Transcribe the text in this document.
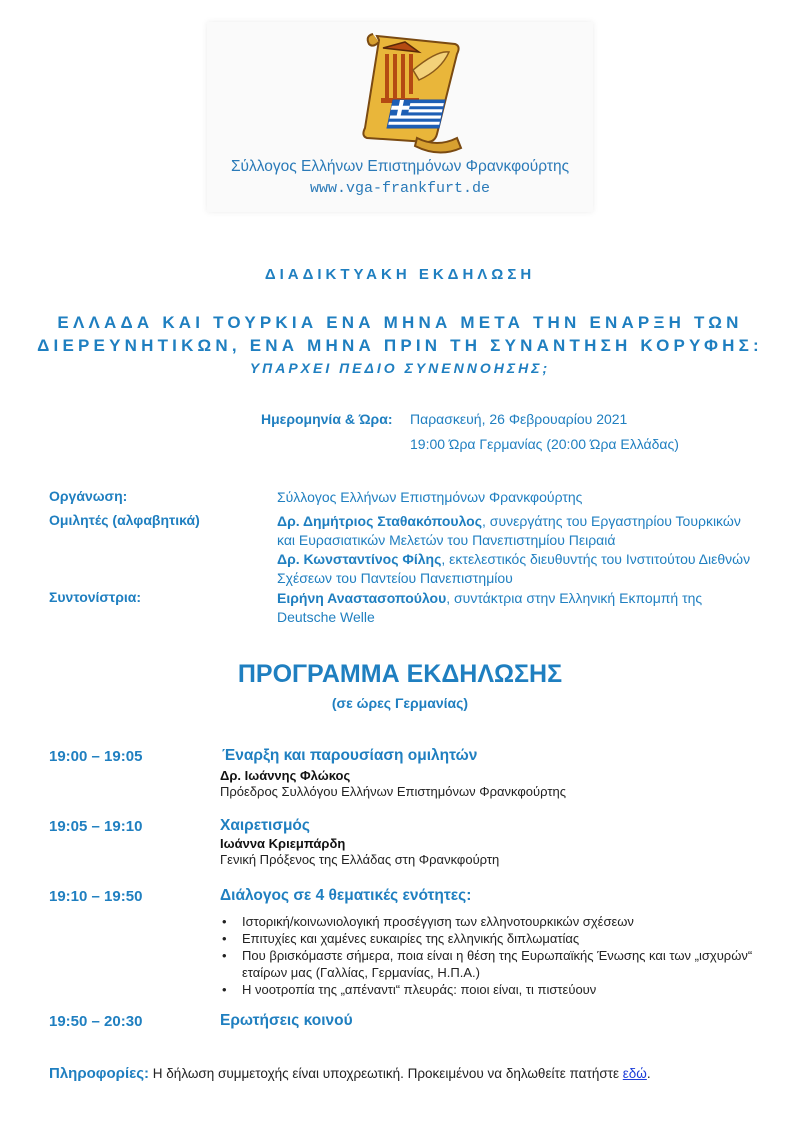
Σύλλογος Ελλήνων Επιστημόνων Φρανκφούρτης
www.vga-frankfurt.de
ΔΙΑΔΙΚΤΥΑΚΗ ΕΚΔΗΛΩΣΗ
ΕΛΛΑΔΑ ΚΑΙ ΤΟΥΡΚΙΑ ΕΝΑ ΜΗΝΑ ΜΕΤΑ ΤΗΝ ΕΝΑΡΞΗ ΤΩΝ
ΔΙΕΡΕΥΝΗΤΙΚΩΝ, ΕΝΑ ΜΗΝΑ ΠΡΙΝ ΤΗ ΣΥΝΑΝΤΗΣΗ ΚΟΡΥΦΗΣ:
ΥΠΑΡΧΕΙ ΠΕΔΙΟ ΣΥΝΕΝΝΟΗΣΗΣ;
Ημερομηνία & Ώρα: Παρασκευή, 26 Φεβρουαρίου 2021
19:00 Ώρα Γερμανίας (20:00 Ώρα Ελλάδας)
Οργάνωση:	Σύλλογος Ελλήνων Επιστημόνων Φρανκφούρτης
Ομιλητές (αλφαβητικά)	Δρ. Δημήτριος Σταθακόπουλος, συνεργάτης του Εργαστηρίου Τουρκικών και Ευρασιατικών Μελετών του Πανεπιστημίου Πειραιά
Δρ. Κωνσταντίνος Φίλης, εκτελεστικός διευθυντής του Ινστιτούτου Διεθνών Σχέσεων του Παντείου Πανεπιστημίου
Συντονίστρια:	Ειρήνη Αναστασοπούλου, συντάκτρια στην Ελληνική Εκπομπή της Deutsche Welle
ΠΡΟΓΡΑΜΜΑ ΕΚΔΗΛΩΣΗΣ
(σε ώρες Γερμανίας)
19:00 – 19:05	Έναρξη και παρουσίαση ομιλητών
Δρ. Ιωάννης Φλώκος
Πρόεδρος Συλλόγου Ελλήνων Επιστημόνων Φρανκφούρτης
19:05 – 19:10	Χαιρετισμός
Ιωάννα Κριεμπάρδη
Γενική Πρόξενος της Ελλάδας στη Φρανκφούρτη
19:10 – 19:50	Διάλογος σε 4 θεματικές ενότητες:
• Ιστορική/κοινωνιολογική προσέγγιση των ελληνοτουρκικών σχέσεων
• Επιτυχίες και χαμένες ευκαιρίες της ελληνικής διπλωματίας
• Που βρισκόμαστε σήμερα, ποια είναι η θέση της Ευρωπαϊκής Ένωσης και των „ισχυρών“ εταίρων μας (Γαλλίας, Γερμανίας, Η.Π.Α.)
• Η νοοτροπία της „απέναντι“ πλευράς: ποιοι είναι, τι πιστεύουν
19:50 – 20:30	Ερωτήσεις κοινού
Πληροφορίες: Η δήλωση συμμετοχής είναι υποχρεωτική. Προκειμένου να δηλωθείτε πατήστε εδώ.
